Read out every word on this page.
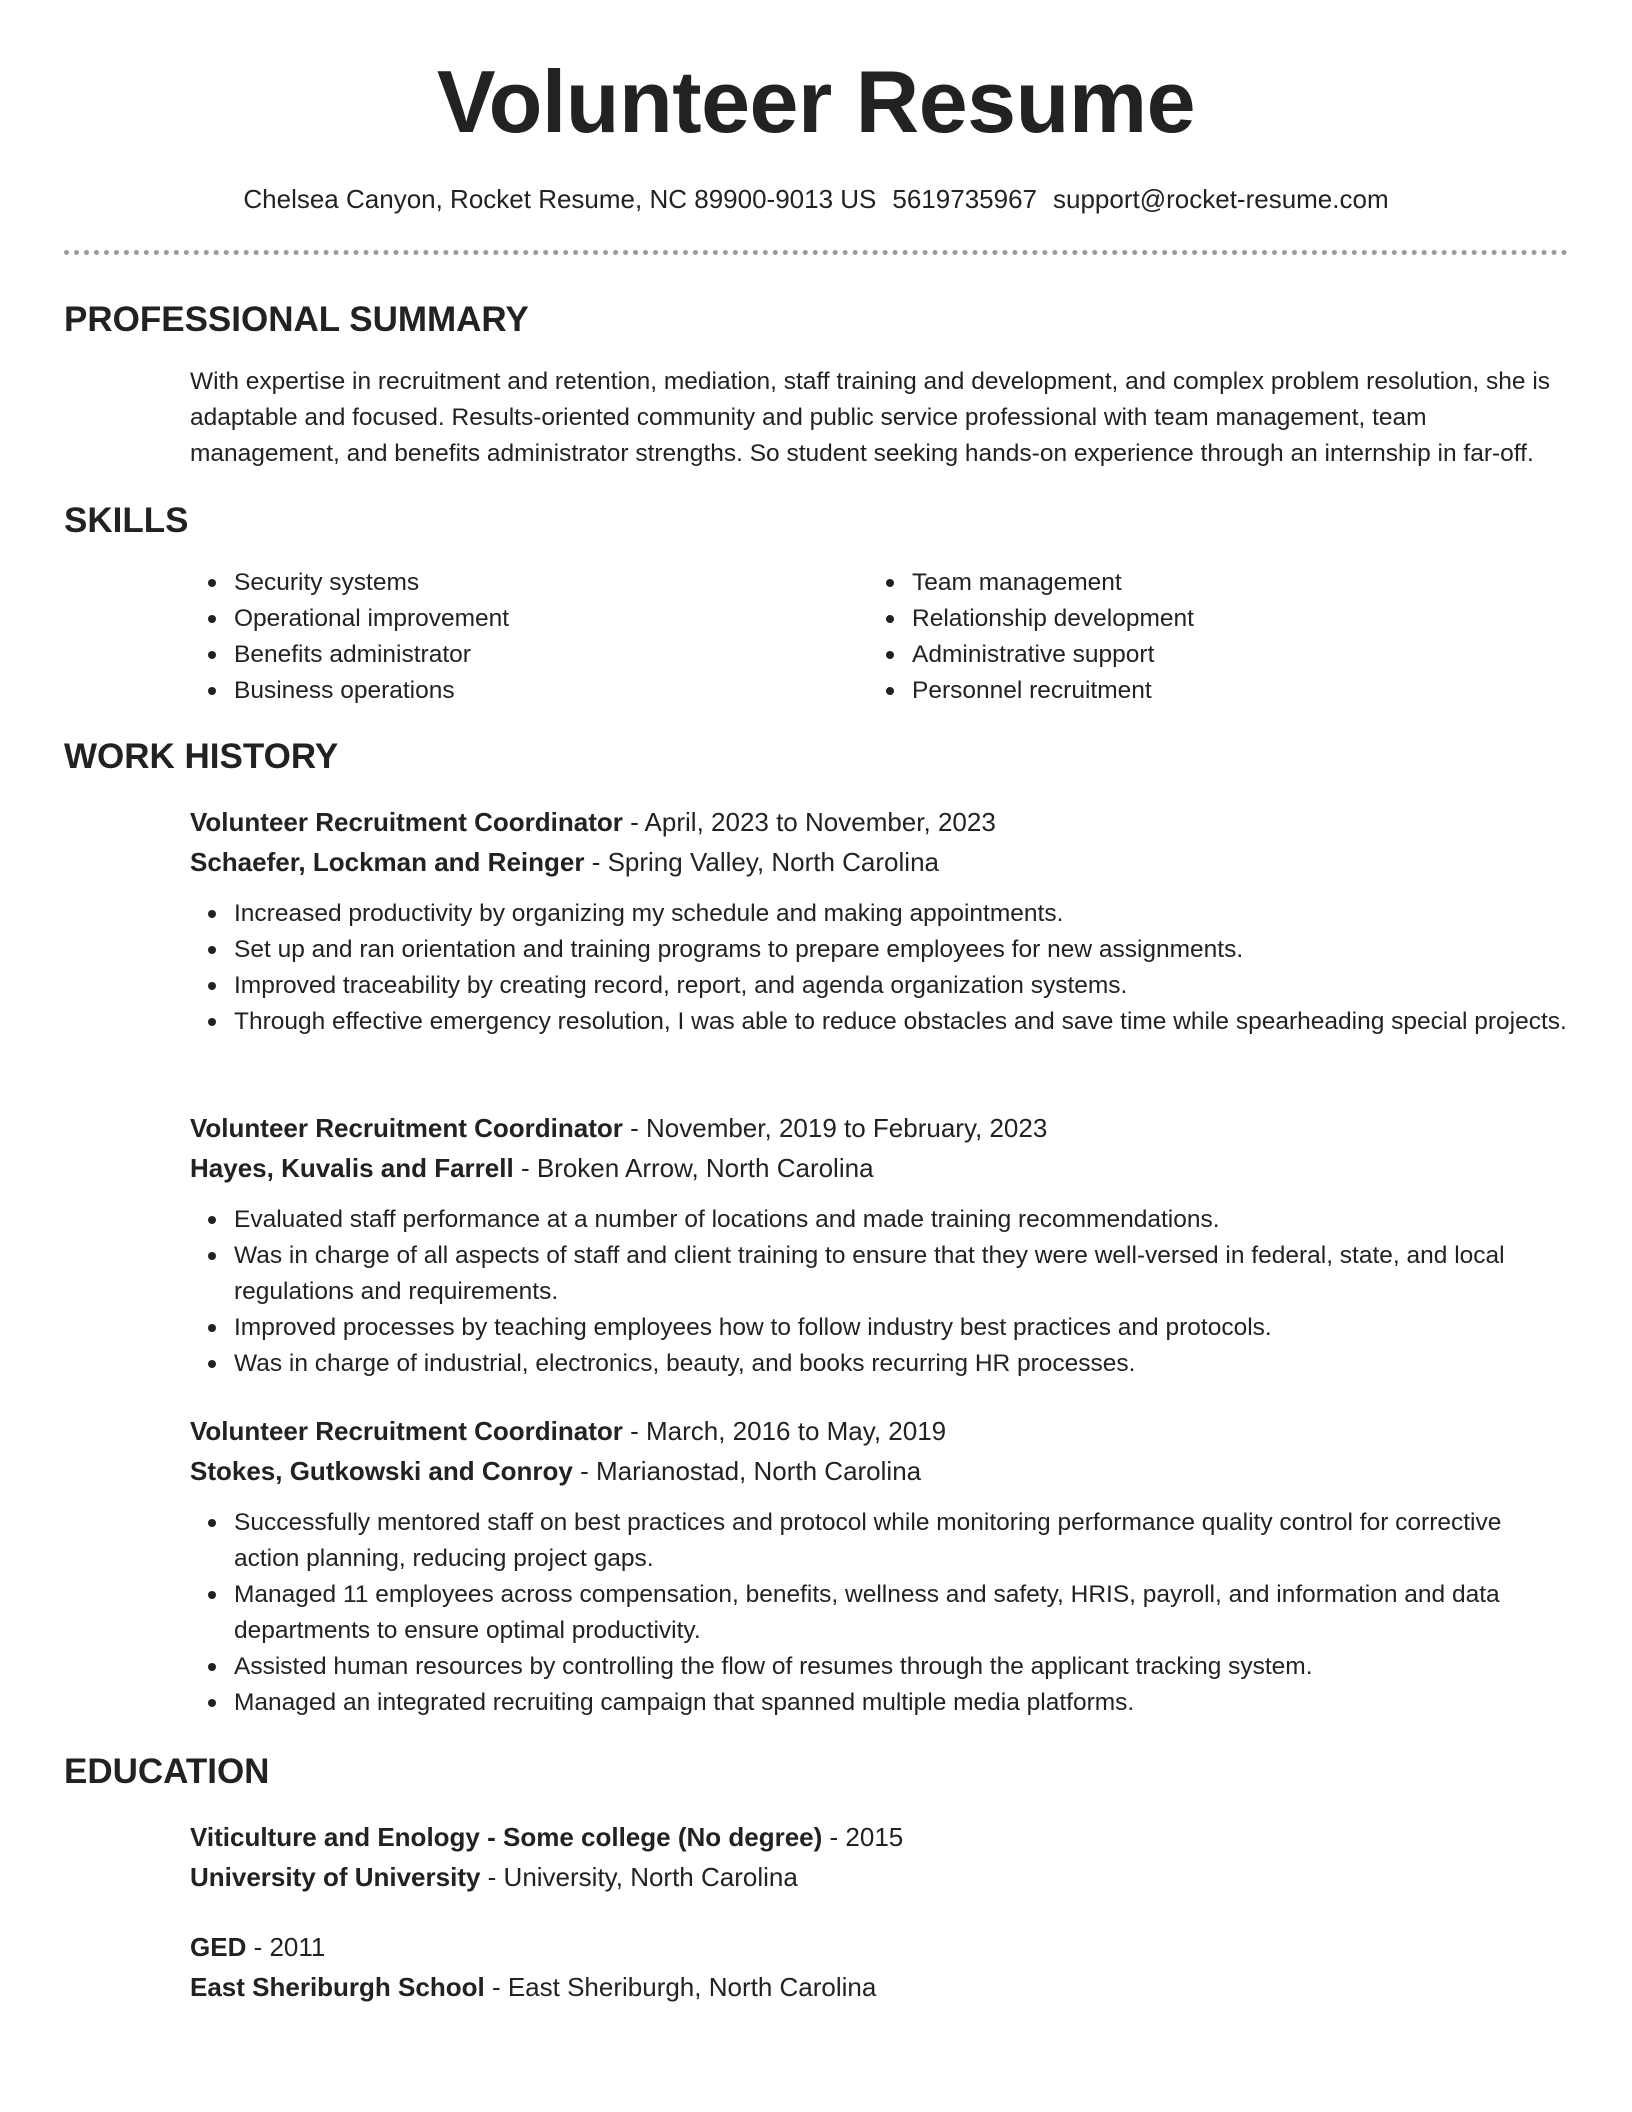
Volunteer Resume
Chelsea Canyon, Rocket Resume, NC 89900-9013 US 5619735967 support@rocket-resume.com
PROFESSIONAL SUMMARY
With expertise in recruitment and retention, mediation, staff training and development, and complex problem resolution, she is adaptable and focused. Results-oriented community and public service professional with team management, team management, and benefits administrator strengths. So student seeking hands-on experience through an internship in far-off.
SKILLS
Security systems
Operational improvement
Benefits administrator
Business operations
Team management
Relationship development
Administrative support
Personnel recruitment
WORK HISTORY
Volunteer Recruitment Coordinator - April, 2023 to November, 2023
Schaefer, Lockman and Reinger - Spring Valley, North Carolina
Increased productivity by organizing my schedule and making appointments.
Set up and ran orientation and training programs to prepare employees for new assignments.
Improved traceability by creating record, report, and agenda organization systems.
Through effective emergency resolution, I was able to reduce obstacles and save time while spearheading special projects.
Volunteer Recruitment Coordinator - November, 2019 to February, 2023
Hayes, Kuvalis and Farrell - Broken Arrow, North Carolina
Evaluated staff performance at a number of locations and made training recommendations.
Was in charge of all aspects of staff and client training to ensure that they were well-versed in federal, state, and local regulations and requirements.
Improved processes by teaching employees how to follow industry best practices and protocols.
Was in charge of industrial, electronics, beauty, and books recurring HR processes.
Volunteer Recruitment Coordinator - March, 2016 to May, 2019
Stokes, Gutkowski and Conroy - Marianostad, North Carolina
Successfully mentored staff on best practices and protocol while monitoring performance quality control for corrective action planning, reducing project gaps.
Managed 11 employees across compensation, benefits, wellness and safety, HRIS, payroll, and information and data departments to ensure optimal productivity.
Assisted human resources by controlling the flow of resumes through the applicant tracking system.
Managed an integrated recruiting campaign that spanned multiple media platforms.
EDUCATION
Viticulture and Enology - Some college (No degree) - 2015
University of University - University, North Carolina
GED - 2011
East Sheriburgh School - East Sheriburgh, North Carolina
